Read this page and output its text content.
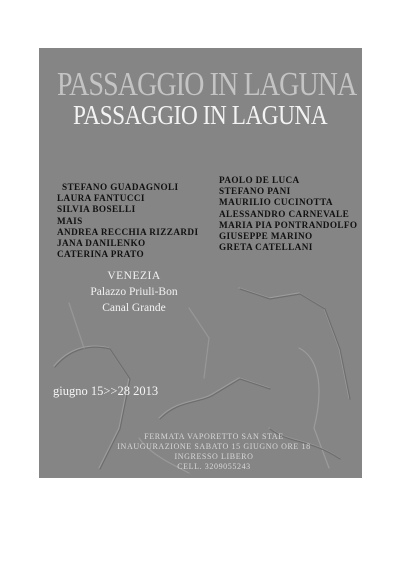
PASSAGGIO IN LAGUNA
PASSAGGIO IN LAGUNA
STEFANO GUADAGNOLI
LAURA FANTUCCI
SILVIA BOSELLI
MAIS
ANDREA RECCHIA RIZZARDI
JANA DANILENKO
CATERINA PRATO
PAOLO DE LUCA
STEFANO PANI
MAURILIO CUCINOTTA
ALESSANDRO CARNEVALE
MARIA PIA PONTRANDOLFO
GIUSEPPE MARINO
GRETA CATELLANI
VENEZIA
Palazzo Priuli-Bon
Canal Grande
giugno 15>>28 2013
FERMATA VAPORETTO SAN STAE
INAUGURAZIONE SABATO 15 GIUGNO ORE 18
INGRESSO LIBERO
CELL. 3209055243
